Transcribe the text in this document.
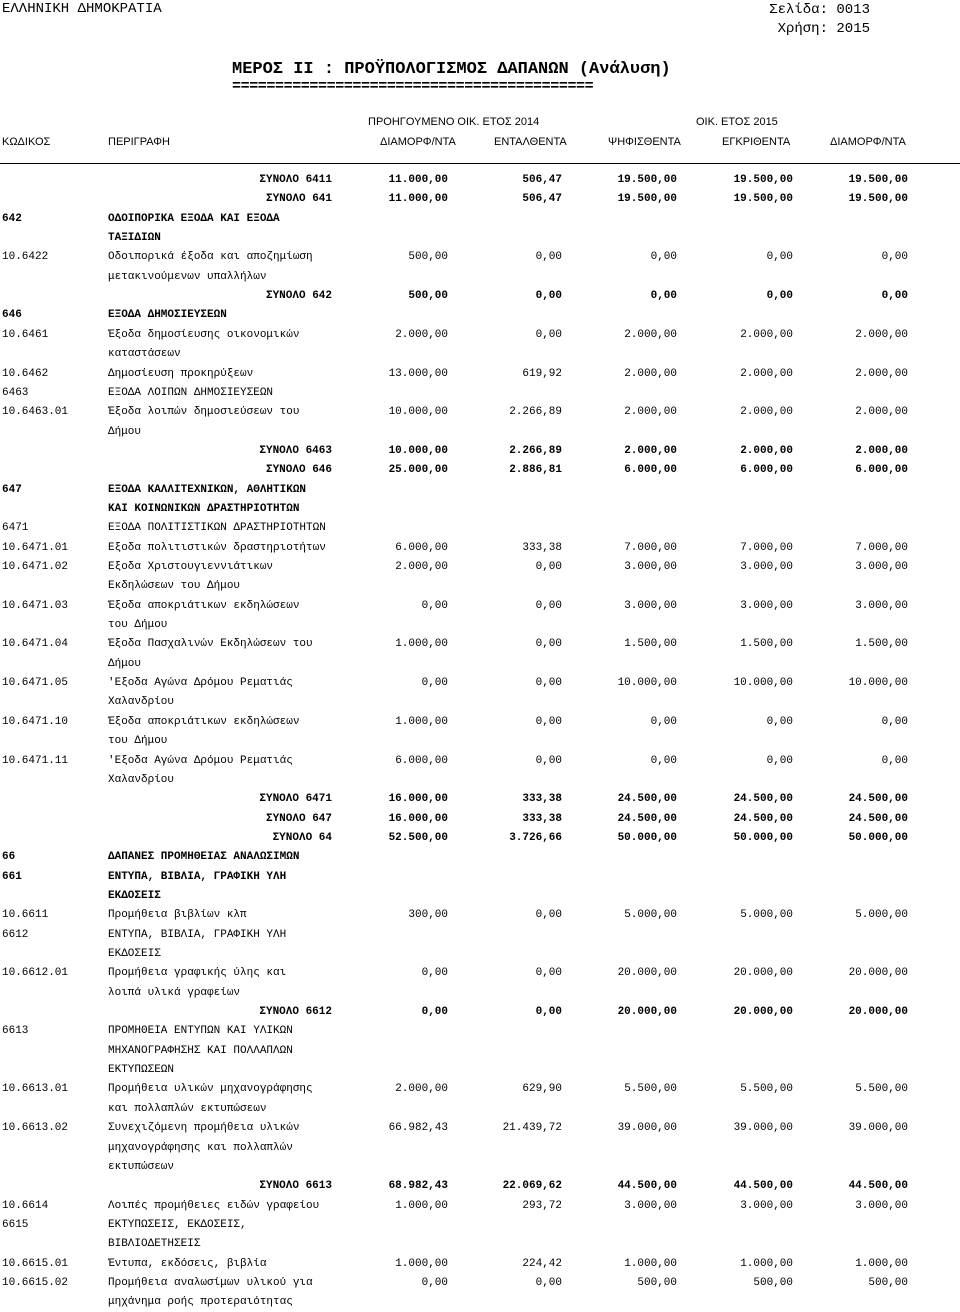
ΕΛΛΗΝΙΚΗ ΔΗΜΟΚΡΑΤΙΑ	Σελίδα: 0013
Χρήση: 2015
ΜΕΡΟΣ ΙΙ : ΠΡΟΫΠΟΛΟΓΙΣΜΟΣ ΔΑΠΑΝΩΝ (Ανάλυση)
==========================================
ΠΡΟΗΓΟΥΜΕΝΟ ΟΙΚ. ΕΤΟΣ 2014	ΟΙΚ. ΕΤΟΣ 2015
ΚΩΔΙΚΟΣ	ΠΕΡΙΓΡΑΦΗ	ΔΙΑΜΟΡΦ/ΝΤΑ	ΕΝΤΑΛΘΕΝΤΑ	ΨΗΦΙΣΘΕΝΤΑ	ΕΓΚΡΙΘΕΝΤΑ	ΔΙΑΜΟΡΦ/ΝΤΑ
ΣΥΝΟΛΟ 6411	11.000,00	506,47	19.500,00	19.500,00	19.500,00
ΣΥΝΟΛΟ 641	11.000,00	506,47	19.500,00	19.500,00	19.500,00
642	ΟΔΟΙΠΟΡΙΚΑ ΕΞΟΔΑ ΚΑΙ ΕΞΟΔΑ
ΤΑΞΙΔΙΩΝ
10.6422	Οδοιπορικά έξοδα και αποζημίωση	500,00	0,00	0,00	0,00	0,00
μετακινούμενων υπαλλήλων
ΣΥΝΟΛΟ 642	500,00	0,00	0,00	0,00	0,00
646	ΕΞΟΔΑ ΔΗΜΟΣΙΕΥΣΕΩΝ
10.6461	Έξοδα δημοσίευσης οικονομικών	2.000,00	0,00	2.000,00	2.000,00	2.000,00
καταστάσεων
10.6462	Δημοσίευση προκηρύξεων	13.000,00	619,92	2.000,00	2.000,00	2.000,00
6463	ΕΞΟΔΑ ΛΟΙΠΩΝ ΔΗΜΟΣΙΕΥΣΕΩΝ
10.6463.01	Έξοδα λοιπών δημοσιεύσεων του	10.000,00	2.266,89	2.000,00	2.000,00	2.000,00
Δήμου
ΣΥΝΟΛΟ 6463	10.000,00	2.266,89	2.000,00	2.000,00	2.000,00
ΣΥΝΟΛΟ 646	25.000,00	2.886,81	6.000,00	6.000,00	6.000,00
647	ΕΞΟΔΑ ΚΑΛΛΙΤΕΧΝΙΚΩΝ, ΑΘΛΗΤΙΚΩΝ
ΚΑΙ ΚΟΙΝΩΝΙΚΩΝ ΔΡΑΣΤΗΡΙΟΤΗΤΩΝ
6471	ΕΞΟΔΑ ΠΟΛΙΤΙΣΤΙΚΩΝ ΔΡΑΣΤΗΡΙΟΤΗΤΩΝ
10.6471.01	Εξοδα πολιτιστικών δραστηριοτήτων	6.000,00	333,38	7.000,00	7.000,00	7.000,00
10.6471.02	Εξοδα Χριστουγιεννιάτικων	2.000,00	0,00	3.000,00	3.000,00	3.000,00
Εκδηλώσεων του Δήμου
10.6471.03	Έξοδα αποκριάτικων εκδηλώσεων	0,00	0,00	3.000,00	3.000,00	3.000,00
του Δήμου
10.6471.04	Έξοδα Πασχαλινών Εκδηλώσεων του	1.000,00	0,00	1.500,00	1.500,00	1.500,00
Δήμου
10.6471.05	'Εξοδα Αγώνα Δρόμου Ρεματιάς	0,00	0,00	10.000,00	10.000,00	10.000,00
Χαλανδρίου
10.6471.10	Έξοδα αποκριάτικων εκδηλώσεων	1.000,00	0,00	0,00	0,00	0,00
του Δήμου
10.6471.11	'Εξοδα Αγώνα Δρόμου Ρεματιάς	6.000,00	0,00	0,00	0,00	0,00
Χαλανδρίου
ΣΥΝΟΛΟ 6471	16.000,00	333,38	24.500,00	24.500,00	24.500,00
ΣΥΝΟΛΟ 647	16.000,00	333,38	24.500,00	24.500,00	24.500,00
ΣΥΝΟΛΟ 64	52.500,00	3.726,66	50.000,00	50.000,00	50.000,00
66	ΔΑΠΑΝΕΣ ΠΡΟΜΗΘΕΙΑΣ ΑΝΑΛΩΣΙΜΩΝ
661	ΕΝΤΥΠΑ, ΒΙΒΛΙΑ, ΓΡΑΦΙΚΗ ΥΛΗ
ΕΚΔΟΣΕΙΣ
10.6611	Προμήθεια βιβλίων κλπ	300,00	0,00	5.000,00	5.000,00	5.000,00
6612	ΕΝΤΥΠΑ, ΒΙΒΛΙΑ, ΓΡΑΦΙΚΗ ΥΛΗ
ΕΚΔΟΣΕΙΣ
10.6612.01	Προμήθεια γραφικής ύλης και	0,00	0,00	20.000,00	20.000,00	20.000,00
λοιπά υλικά γραφείων
ΣΥΝΟΛΟ 6612	0,00	0,00	20.000,00	20.000,00	20.000,00
6613	ΠΡΟΜΗΘΕΙΑ ΕΝΤΥΠΩΝ ΚΑΙ ΥΛΙΚΩΝ
ΜΗΧΑΝΟΓΡΑΦΗΣΗΣ ΚΑΙ ΠΟΛΛΑΠΛΩΝ
ΕΚΤΥΠΩΣΕΩΝ
10.6613.01	Προμήθεια υλικών μηχανογράφησης	2.000,00	629,90	5.500,00	5.500,00	5.500,00
και πολλαπλών εκτυπώσεων
10.6613.02	Συνεχιζόμενη προμήθεια υλικών	66.982,43	21.439,72	39.000,00	39.000,00	39.000,00
μηχανογράφησης και πολλαπλών
εκτυπώσεων
ΣΥΝΟΛΟ 6613	68.982,43	22.069,62	44.500,00	44.500,00	44.500,00
10.6614	Λοιπές προμήθειες ειδών γραφείου	1.000,00	293,72	3.000,00	3.000,00	3.000,00
6615	ΕΚΤΥΠΩΣΕΙΣ, ΕΚΔΟΣΕΙΣ,
ΒΙΒΛΙΟΔΕΤΗΣΕΙΣ
10.6615.01	Έντυπα, εκδόσεις, βιβλία	1.000,00	224,42	1.000,00	1.000,00	1.000,00
10.6615.02	Προμήθεια αναλωσίμων υλικού για	0,00	0,00	500,00	500,00	500,00
μηχάνημα ροής προτεραιότητας
